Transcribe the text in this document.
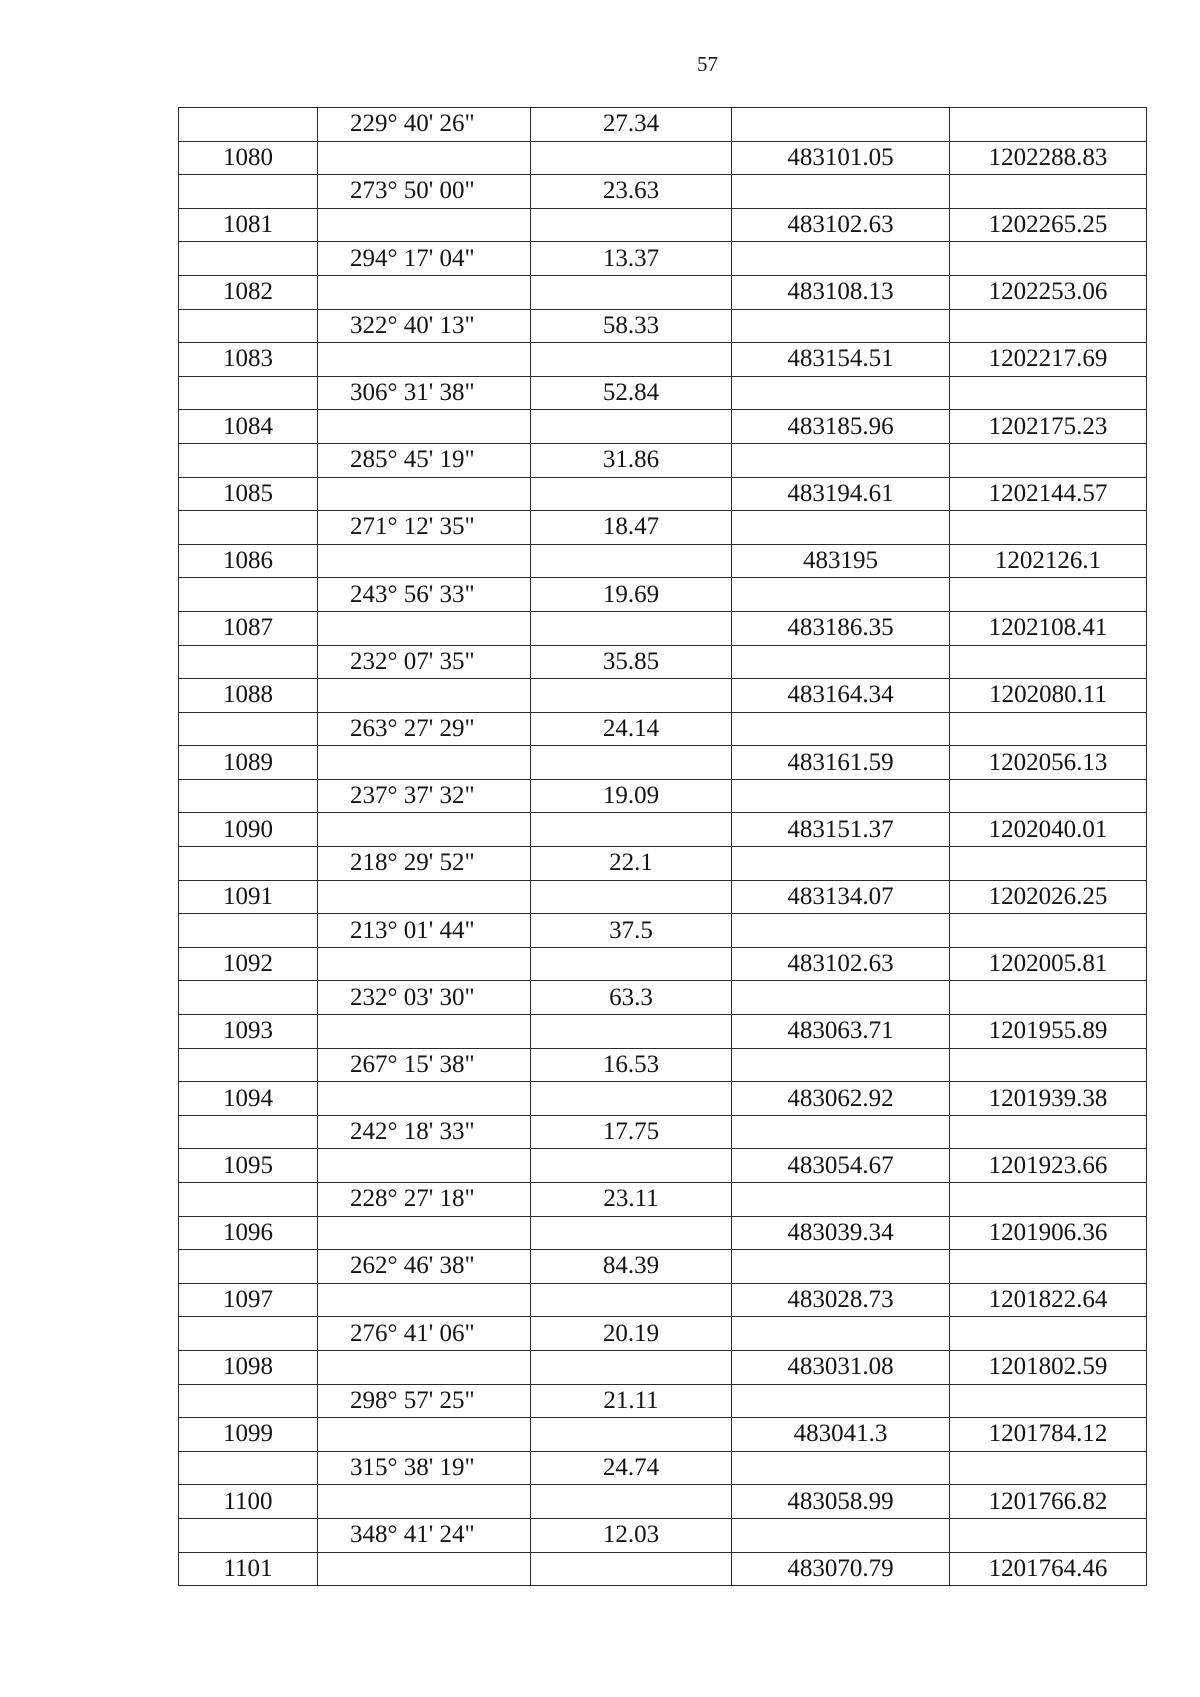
57
	229° 40' 26"	27.34		
1080			483101.05	1202288.83
	273° 50' 00"	23.63		
1081			483102.63	1202265.25
	294° 17' 04"	13.37		
1082			483108.13	1202253.06
	322° 40' 13"	58.33		
1083			483154.51	1202217.69
	306° 31' 38"	52.84		
1084			483185.96	1202175.23
	285° 45' 19"	31.86		
1085			483194.61	1202144.57
	271° 12' 35"	18.47		
1086			483195	1202126.1
	243° 56' 33"	19.69		
1087			483186.35	1202108.41
	232° 07' 35"	35.85		
1088			483164.34	1202080.11
	263° 27' 29"	24.14		
1089			483161.59	1202056.13
	237° 37' 32"	19.09		
1090			483151.37	1202040.01
	218° 29' 52"	22.1		
1091			483134.07	1202026.25
	213° 01' 44"	37.5		
1092			483102.63	1202005.81
	232° 03' 30"	63.3		
1093			483063.71	1201955.89
	267° 15' 38"	16.53		
1094			483062.92	1201939.38
	242° 18' 33"	17.75		
1095			483054.67	1201923.66
	228° 27' 18"	23.11		
1096			483039.34	1201906.36
	262° 46' 38"	84.39		
1097			483028.73	1201822.64
	276° 41' 06"	20.19		
1098			483031.08	1201802.59
	298° 57' 25"	21.11		
1099			483041.3	1201784.12
	315° 38' 19"	24.74		
1100			483058.99	1201766.82
	348° 41' 24"	12.03		
1101			483070.79	1201764.46
